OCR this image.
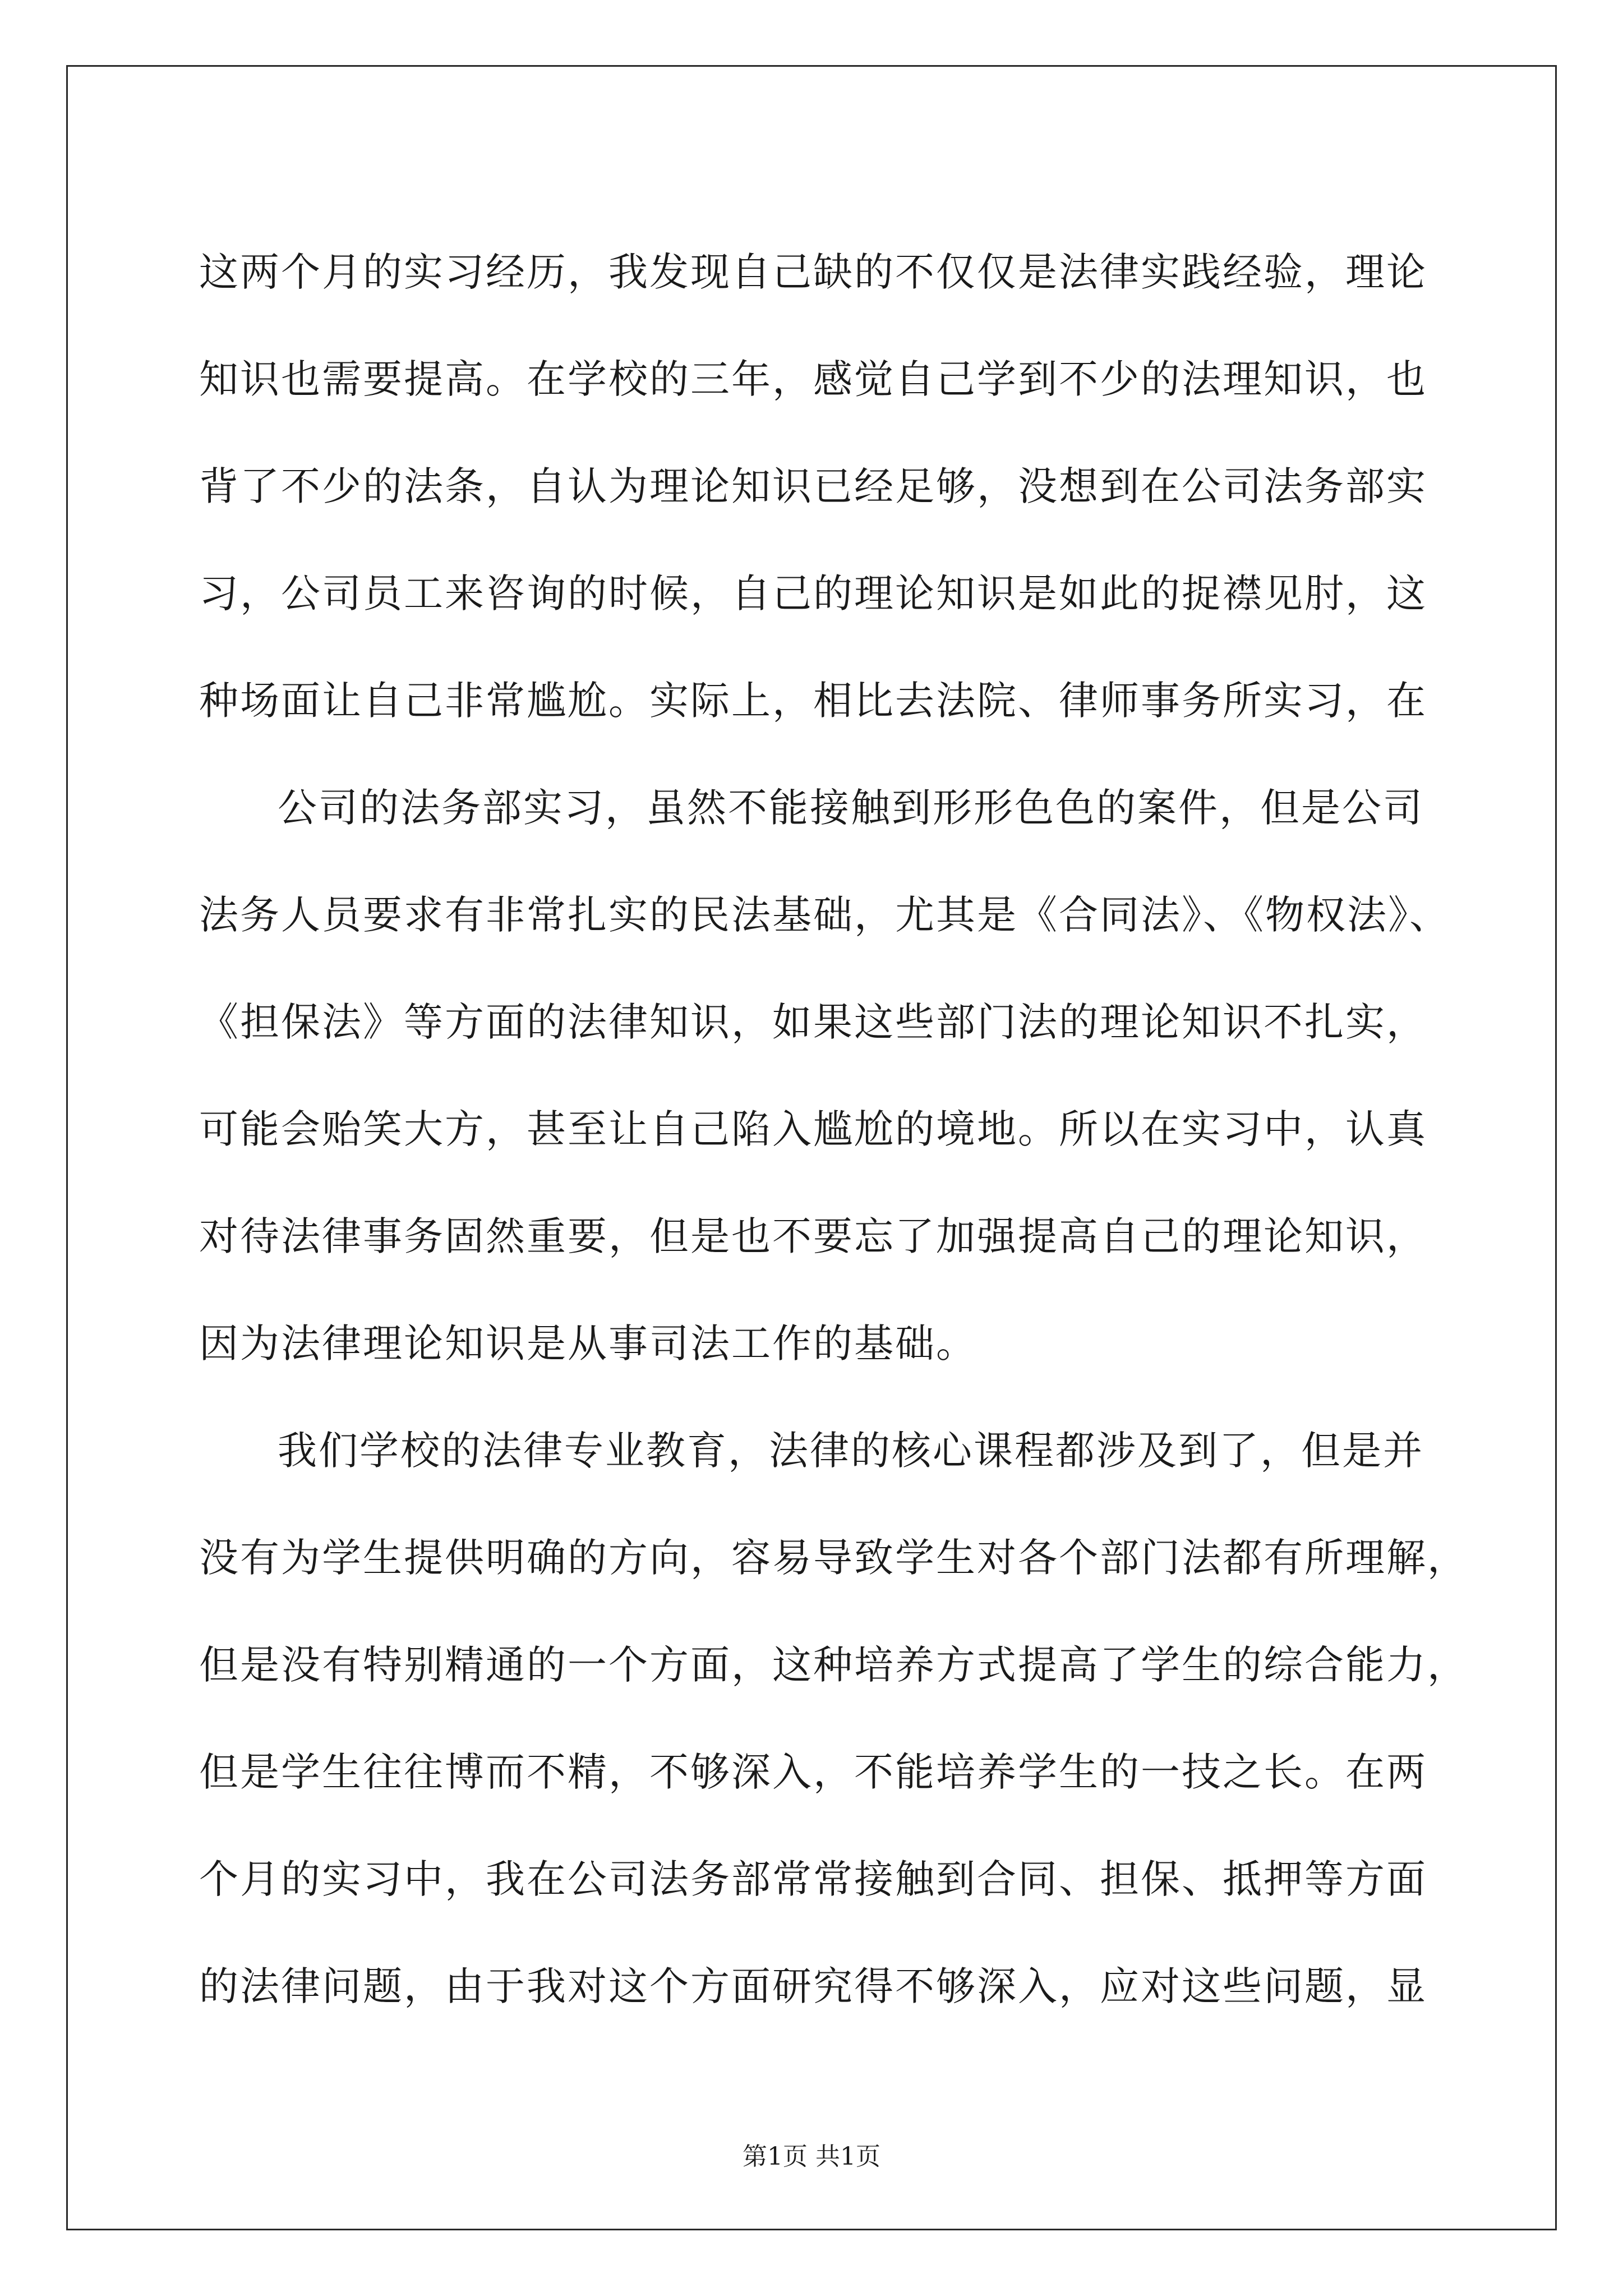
这两个月的实习经历，我发现自己缺的不仅仅是法律实践经验，理论
知识也需要提高。在学校的三年，感觉自己学到不少的法理知识，也
背了不少的法条，自认为理论知识已经足够，没想到在公司法务部实
习，公司员工来咨询的时候，自己的理论知识是如此的捉襟见肘，这
种场面让自己非常尴尬。实际上，相比去法院、律师事务所实习，在
公司的法务部实习，虽然不能接触到形形色色的案件，但是公司
法务人员要求有非常扎实的民法基础，尤其是《合同法》、《物权法》、
《担保法》等方面的法律知识，如果这些部门法的理论知识不扎实，
可能会贻笑大方，甚至让自己陷入尴尬的境地。所以在实习中，认真
对待法律事务固然重要，但是也不要忘了加强提高自己的理论知识，
因为法律理论知识是从事司法工作的基础。
我们学校的法律专业教育，法律的核心课程都涉及到了，但是并
没有为学生提供明确的方向，容易导致学生对各个部门法都有所理解，
但是没有特别精通的一个方面，这种培养方式提高了学生的综合能力，
但是学生往往博而不精，不够深入，不能培养学生的一技之长。在两
个月的实习中，我在公司法务部常常接触到合同、担保、抵押等方面
的法律问题，由于我对这个方面研究得不够深入，应对这些问题，显
第1页 共1页
